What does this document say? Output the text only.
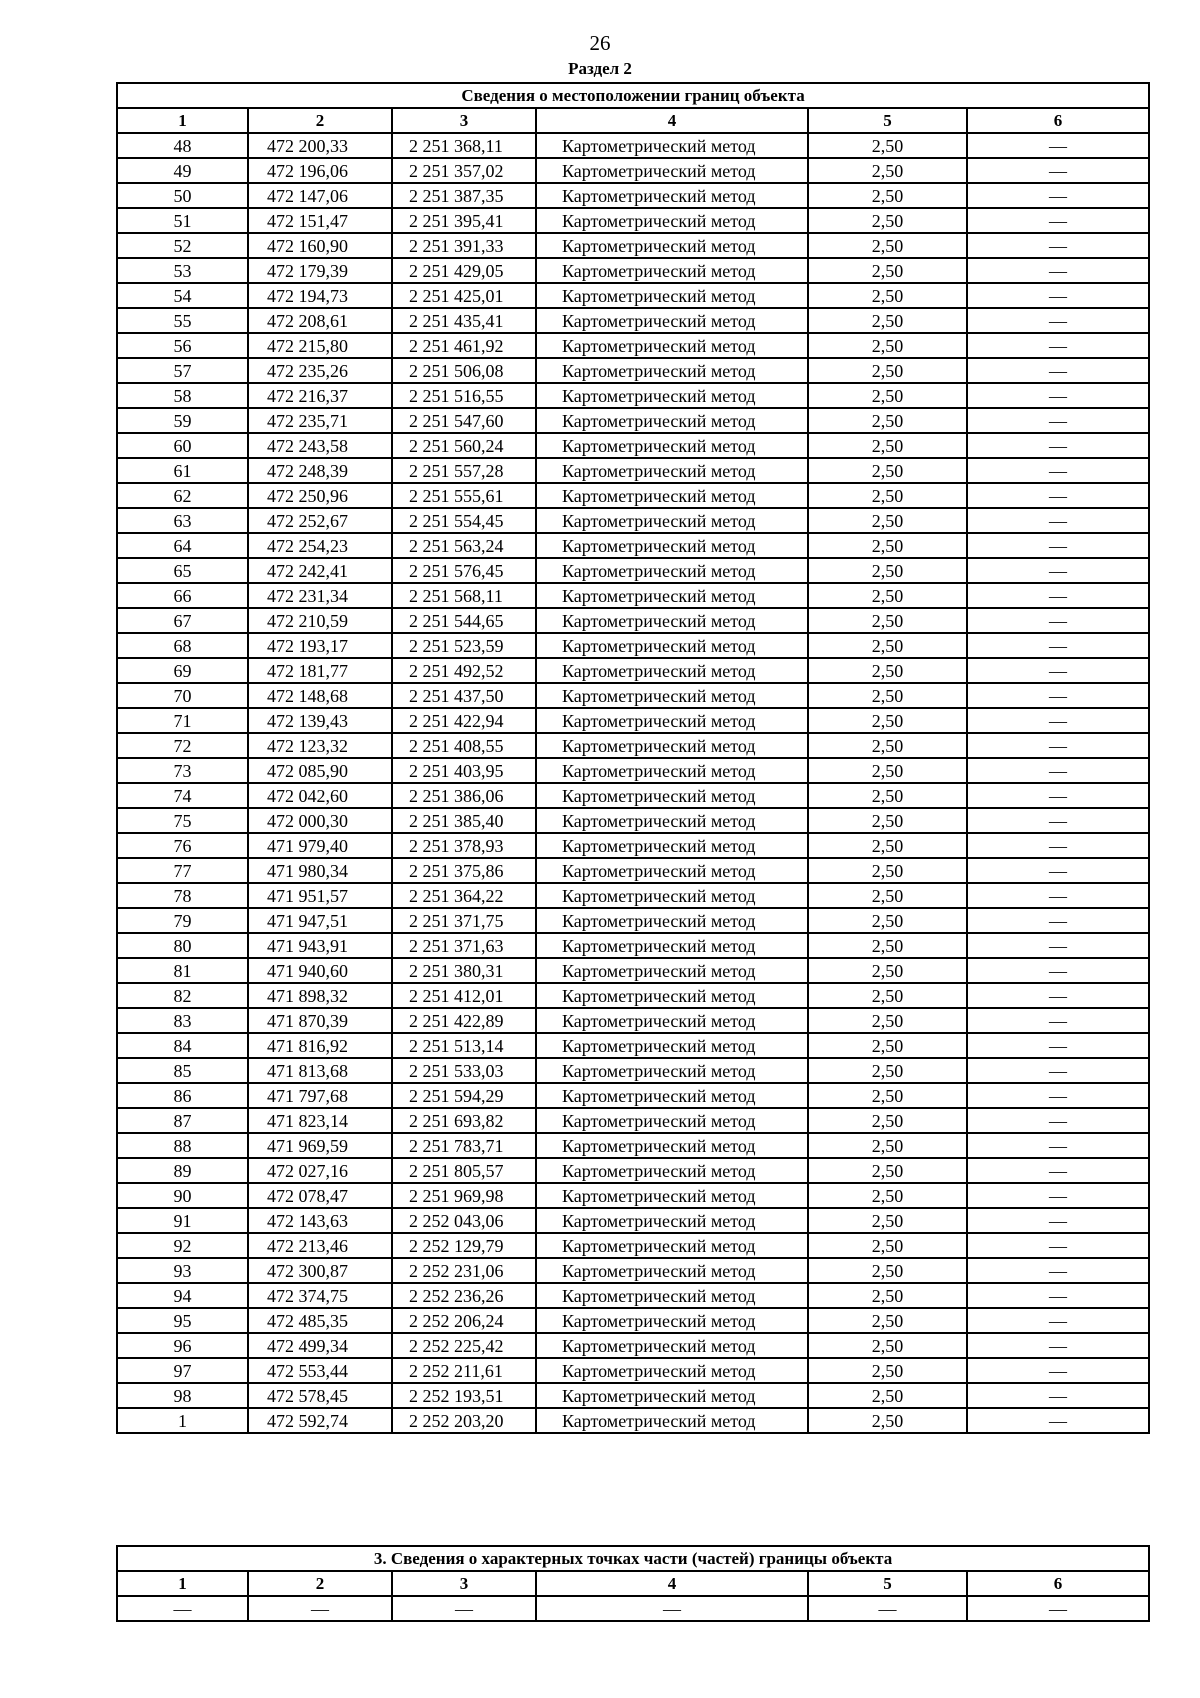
26
Раздел 2
Сведения о местоположении границ объекта					
1	2	3	4	5	6
48	472 200,33	2 251 368,11	Картометрический метод	2,50	—
49	472 196,06	2 251 357,02	Картометрический метод	2,50	—
50	472 147,06	2 251 387,35	Картометрический метод	2,50	—
51	472 151,47	2 251 395,41	Картометрический метод	2,50	—
52	472 160,90	2 251 391,33	Картометрический метод	2,50	—
53	472 179,39	2 251 429,05	Картометрический метод	2,50	—
54	472 194,73	2 251 425,01	Картометрический метод	2,50	—
55	472 208,61	2 251 435,41	Картометрический метод	2,50	—
56	472 215,80	2 251 461,92	Картометрический метод	2,50	—
57	472 235,26	2 251 506,08	Картометрический метод	2,50	—
58	472 216,37	2 251 516,55	Картометрический метод	2,50	—
59	472 235,71	2 251 547,60	Картометрический метод	2,50	—
60	472 243,58	2 251 560,24	Картометрический метод	2,50	—
61	472 248,39	2 251 557,28	Картометрический метод	2,50	—
62	472 250,96	2 251 555,61	Картометрический метод	2,50	—
63	472 252,67	2 251 554,45	Картометрический метод	2,50	—
64	472 254,23	2 251 563,24	Картометрический метод	2,50	—
65	472 242,41	2 251 576,45	Картометрический метод	2,50	—
66	472 231,34	2 251 568,11	Картометрический метод	2,50	—
67	472 210,59	2 251 544,65	Картометрический метод	2,50	—
68	472 193,17	2 251 523,59	Картометрический метод	2,50	—
69	472 181,77	2 251 492,52	Картометрический метод	2,50	—
70	472 148,68	2 251 437,50	Картометрический метод	2,50	—
71	472 139,43	2 251 422,94	Картометрический метод	2,50	—
72	472 123,32	2 251 408,55	Картометрический метод	2,50	—
73	472 085,90	2 251 403,95	Картометрический метод	2,50	—
74	472 042,60	2 251 386,06	Картометрический метод	2,50	—
75	472 000,30	2 251 385,40	Картометрический метод	2,50	—
76	471 979,40	2 251 378,93	Картометрический метод	2,50	—
77	471 980,34	2 251 375,86	Картометрический метод	2,50	—
78	471 951,57	2 251 364,22	Картометрический метод	2,50	—
79	471 947,51	2 251 371,75	Картометрический метод	2,50	—
80	471 943,91	2 251 371,63	Картометрический метод	2,50	—
81	471 940,60	2 251 380,31	Картометрический метод	2,50	—
82	471 898,32	2 251 412,01	Картометрический метод	2,50	—
83	471 870,39	2 251 422,89	Картометрический метод	2,50	—
84	471 816,92	2 251 513,14	Картометрический метод	2,50	—
85	471 813,68	2 251 533,03	Картометрический метод	2,50	—
86	471 797,68	2 251 594,29	Картометрический метод	2,50	—
87	471 823,14	2 251 693,82	Картометрический метод	2,50	—
88	471 969,59	2 251 783,71	Картометрический метод	2,50	—
89	472 027,16	2 251 805,57	Картометрический метод	2,50	—
90	472 078,47	2 251 969,98	Картометрический метод	2,50	—
91	472 143,63	2 252 043,06	Картометрический метод	2,50	—
92	472 213,46	2 252 129,79	Картометрический метод	2,50	—
93	472 300,87	2 252 231,06	Картометрический метод	2,50	—
94	472 374,75	2 252 236,26	Картометрический метод	2,50	—
95	472 485,35	2 252 206,24	Картометрический метод	2,50	—
96	472 499,34	2 252 225,42	Картометрический метод	2,50	—
97	472 553,44	2 252 211,61	Картометрический метод	2,50	—
98	472 578,45	2 252 193,51	Картометрический метод	2,50	—
1	472 592,74	2 252 203,20	Картометрический метод	2,50	—
3. Сведения о характерных точках части (частей) границы объекта					
1	2	3	4	5	6
—	—	—	—	—	—
